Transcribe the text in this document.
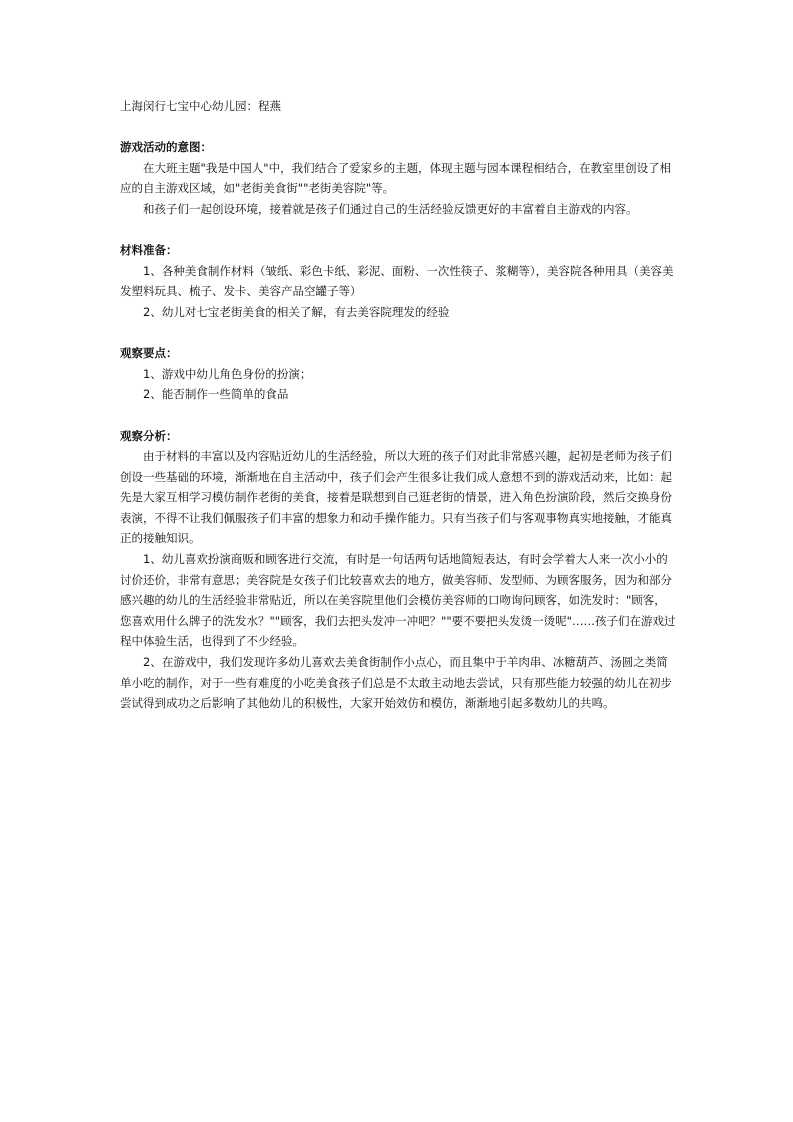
上海闵行七宝中心幼儿园：程燕

游戏活动的意图：

在大班主题"我是中国人"中，我们结合了爱家乡的主题，体现主题与园本课程相结合，在教室里创设了相应的自主游戏区域，如"老街美食街""老街美容院"等。

和孩子们一起创设环境，接着就是孩子们通过自己的生活经验反馈更好的丰富着自主游戏的内容。

材料准备：

1、各种美食制作材料（皱纸、彩色卡纸、彩泥、面粉、一次性筷子、浆糊等），美容院各种用具（美容美发塑料玩具、梳子、发卡、美容产品空罐子等）

2、幼儿对七宝老街美食的相关了解，有去美容院理发的经验

观察要点：

1、游戏中幼儿角色身份的扮演；

2、能否制作一些简单的食品

观察分析：

由于材料的丰富以及内容贴近幼儿的生活经验，所以大班的孩子们对此非常感兴趣，起初是老师为孩子们创设一些基础的环境，渐渐地在自主活动中，孩子们会产生很多让我们成人意想不到的游戏活动来，比如：起先是大家互相学习模仿制作老街的美食，接着是联想到自己逛老街的情景，进入角色扮演阶段，然后交换身份表演，不得不让我们佩服孩子们丰富的想象力和动手操作能力。只有当孩子们与客观事物真实地接触，才能真正的接触知识。

1、幼儿喜欢扮演商贩和顾客进行交流，有时是一句话两句话地简短表达，有时会学着大人来一次小小的讨价还价，非常有意思；美容院是女孩子们比较喜欢去的地方，做美容师、发型师、为顾客服务，因为和部分感兴趣的幼儿的生活经验非常贴近，所以在美容院里他们会模仿美容师的口吻询问顾客，如洗发时："顾客，您喜欢用什么牌子的洗发水？""顾客，我们去把头发冲一冲吧？""要不要把头发烫一烫呢"……孩子们在游戏过程中体验生活，也得到了不少经验。

2、在游戏中，我们发现许多幼儿喜欢去美食街制作小点心，而且集中于羊肉串、冰糖葫芦、汤圆之类简单小吃的制作，对于一些有难度的小吃美食孩子们总是不太敢主动地去尝试，只有那些能力较强的幼儿在初步尝试得到成功之后影响了其他幼儿的积极性，大家开始效仿和模仿，渐渐地引起多数幼儿的共鸣。
